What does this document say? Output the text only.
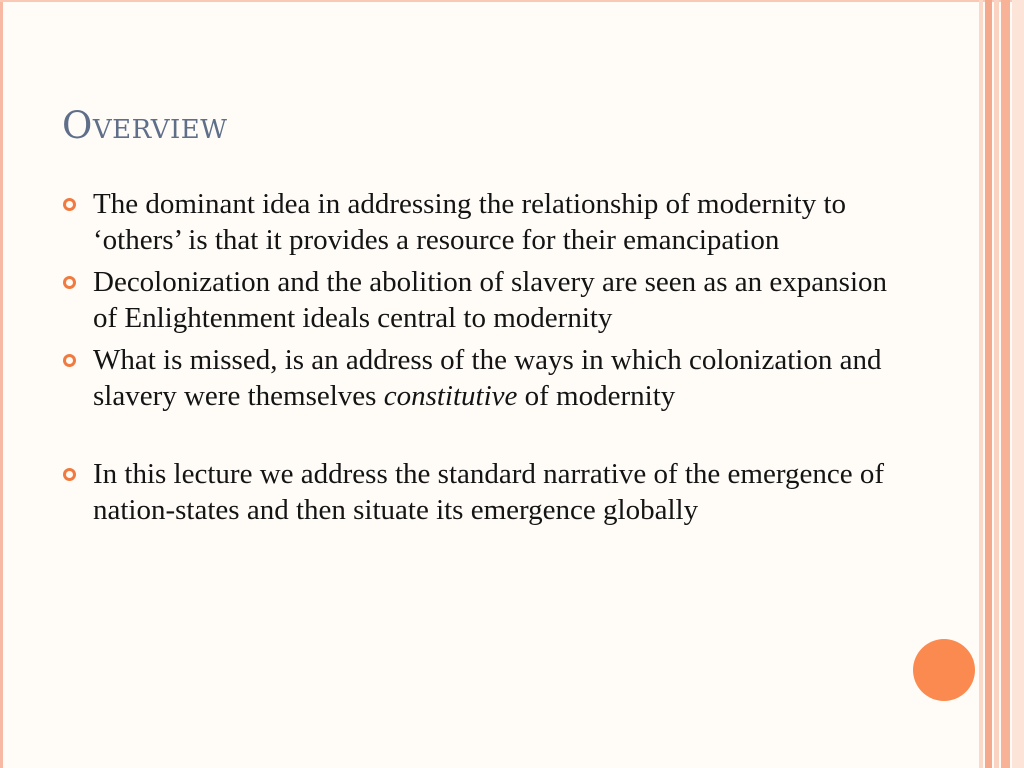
Overview
The dominant idea in addressing the relationship of modernity to ‘others’ is that it provides a resource for their emancipation
Decolonization and the abolition of slavery are seen as an expansion of Enlightenment ideals central to modernity
What is missed, is an address of the ways in which colonization and slavery were themselves constitutive of modernity
In this lecture we address the standard narrative of the emergence of nation-states and then situate its emergence globally
